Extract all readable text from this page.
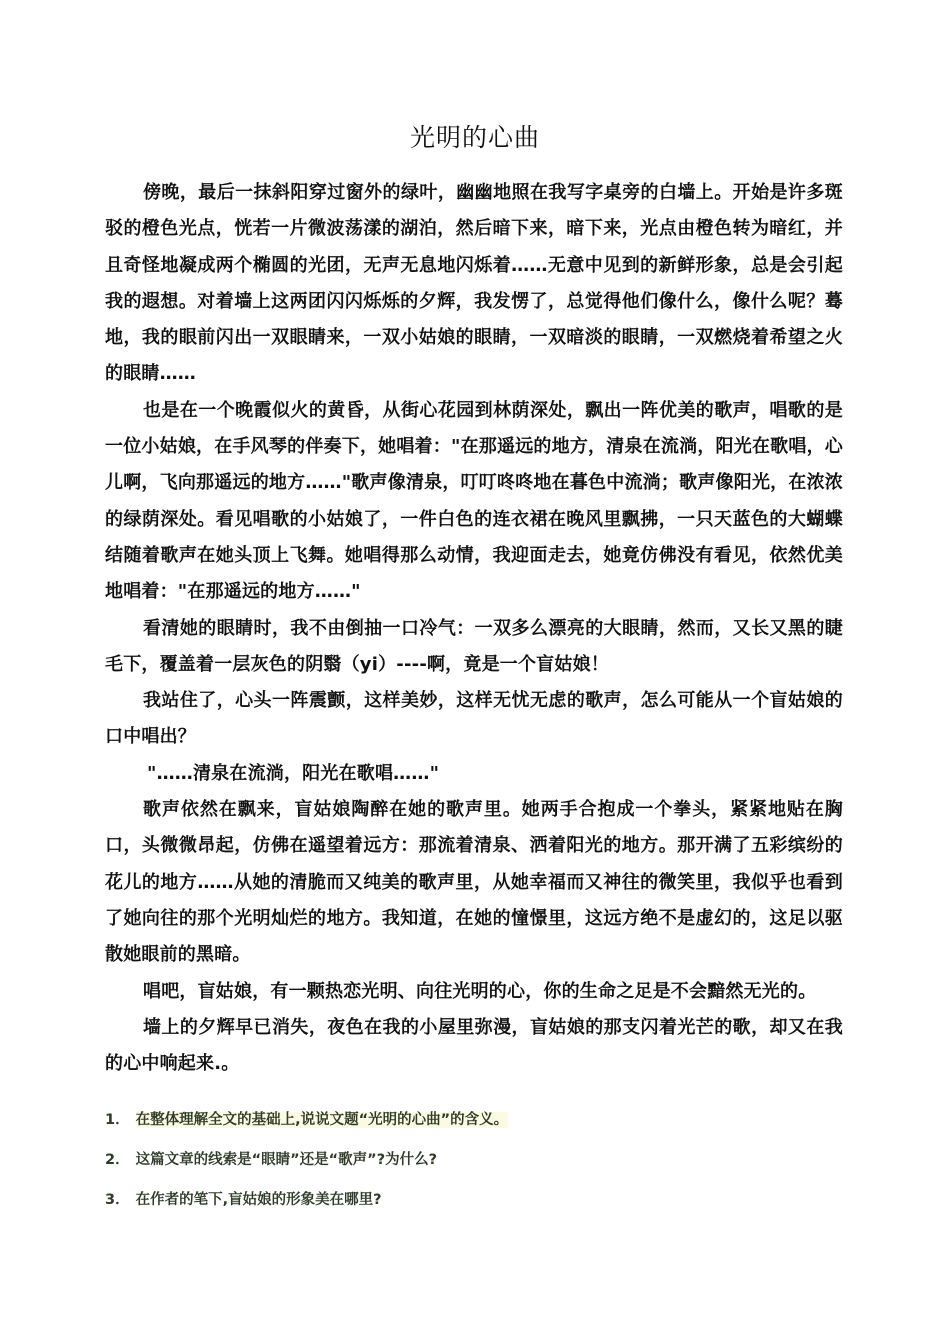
光明的心曲

傍晚，最后一抹斜阳穿过窗外的绿叶，幽幽地照在我写字桌旁的白墙上。开始是许多斑驳的橙色光点，恍若一片微波荡漾的湖泊，然后暗下来，暗下来，光点由橙色转为暗红，并且奇怪地凝成两个椭圆的光团，无声无息地闪烁着……无意中见到的新鲜形象，总是会引起我的遐想。对着墙上这两团闪闪烁烁的夕辉，我发愣了，总觉得他们像什么，像什么呢？蓦地，我的眼前闪出一双眼睛来，一双小姑娘的眼睛，一双暗淡的眼睛，一双燃烧着希望之火的眼睛……

也是在一个晚霞似火的黄昏，从街心花园到林荫深处，飘出一阵优美的歌声，唱歌的是一位小姑娘，在手风琴的伴奏下，她唱着："在那遥远的地方，清泉在流淌，阳光在歌唱，心儿啊，飞向那遥远的地方……"歌声像清泉，叮叮咚咚地在暮色中流淌；歌声像阳光，在浓浓的绿荫深处。看见唱歌的小姑娘了，一件白色的连衣裙在晚风里飘拂，一只天蓝色的大蝴蝶结随着歌声在她头顶上飞舞。她唱得那么动情，我迎面走去，她竟仿佛没有看见，依然优美地唱着："在那遥远的地方……"

看清她的眼睛时，我不由倒抽一口冷气：一双多么漂亮的大眼睛，然而，又长又黑的睫毛下，覆盖着一层灰色的阴翳（yi）----啊，竟是一个盲姑娘！

我站住了，心头一阵震颤，这样美妙，这样无忧无虑的歌声，怎么可能从一个盲姑娘的口中唱出？

"……清泉在流淌，阳光在歌唱……"

歌声依然在飘来，盲姑娘陶醉在她的歌声里。她两手合抱成一个拳头，紧紧地贴在胸口，头微微昂起，仿佛在遥望着远方：那流着清泉、洒着阳光的地方。那开满了五彩缤纷的花儿的地方……从她的清脆而又纯美的歌声里，从她幸福而又神往的微笑里，我似乎也看到了她向往的那个光明灿烂的地方。我知道，在她的憧憬里，这远方绝不是虚幻的，这足以驱散她眼前的黑暗。

唱吧，盲姑娘，有一颗热恋光明、向往光明的心，你的生命之足是不会黯然无光的。

墙上的夕辉早已消失，夜色在我的小屋里弥漫，盲姑娘的那支闪着光芒的歌，却又在我的心中响起来.。

1． 在整体理解全文的基础上,说说文题“光明的心曲”的含义。

2． 这篇文章的线索是“眼睛”还是“歌声”?为什么?

3． 在作者的笔下,盲姑娘的形象美在哪里?
